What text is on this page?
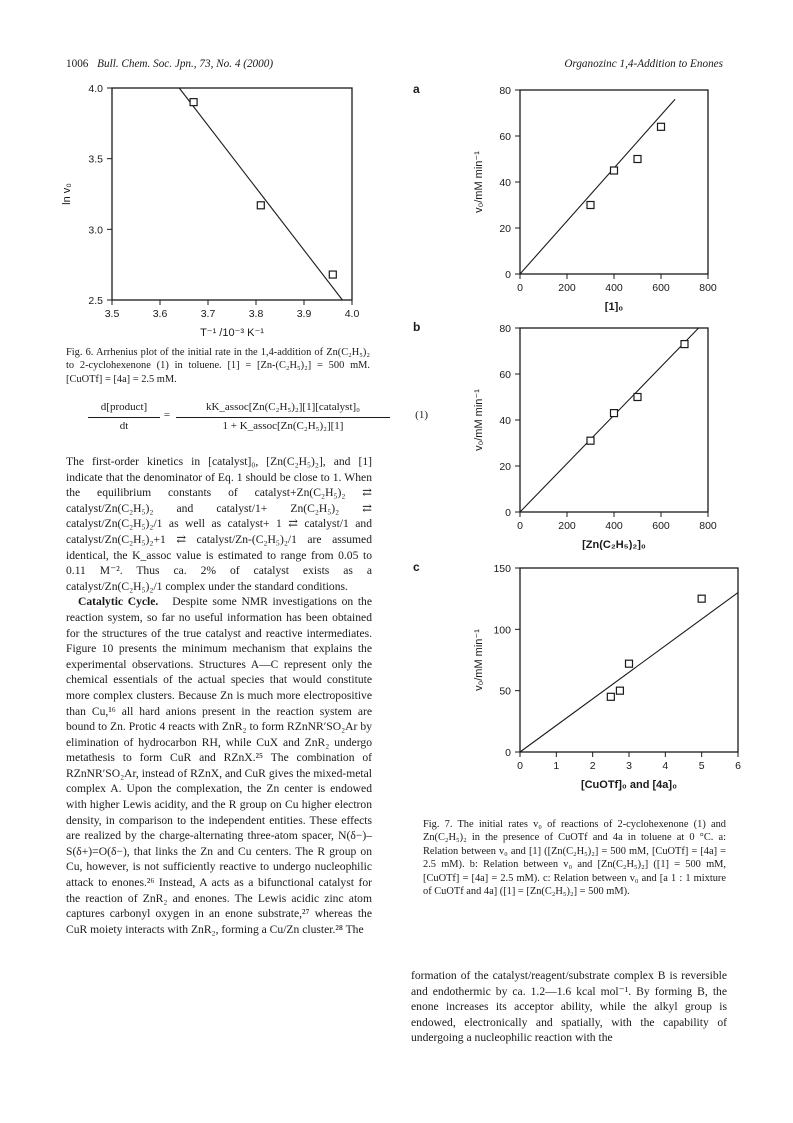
1006 Bull. Chem. Soc. Jpn., 73, No. 4 (2000)	Organozinc 1,4-Addition to Enones
3.5	3.6	3.7	3.8	3.9	4.0
2.5
3.0
3.5
4.0
T⁻¹ /10⁻³ K⁻¹
ln v₀
Fig. 6. Arrhenius plot of the initial rate in the 1,4-addition of Zn(C₂H₅)₂ to 2-cyclohexenone (1) in toluene. [1] = [Zn-(C₂H₅)₂] = 500 mM. [CuOTf] = [4a] = 2.5 mM.
d[product]
dt
=
kK_assoc[Zn(C₂H₅)₂][1][catalyst]₀
1 + K_assoc[Zn(C₂H₅)₂][1]
(1)

The first-order kinetics in [catalyst]₀, [Zn(C₂H₅)₂], and [1] indicate that the denominator of Eq. 1 should be close to 1. When the equilibrium constants of catalyst+Zn(C₂H₅)₂ ⇄ catalyst/Zn(C₂H₅)₂ and catalyst/1+ Zn(C₂H₅)₂ ⇄ catalyst/Zn(C₂H₅)₂/1 as well as catalyst+ 1 ⇄ catalyst/1 and catalyst/Zn(C₂H₅)₂+1 ⇄ catalyst/Zn-(C₂H₅)₂/1 are assumed identical, the K_assoc value is estimated to range from 0.05 to 0.11 M⁻². Thus ca. 2% of catalyst exists as a catalyst/Zn(C₂H₅)₂/1 complex under the standard conditions.

Catalytic Cycle. Despite some NMR investigations on the reaction system, so far no useful information has been obtained for the structures of the true catalyst and reactive intermediates. Figure 10 presents the minimum mechanism that explains the experimental observations. Structures A—C represent only the chemical essentials of the actual species that would constitute more complex clusters. Because Zn is much more electropositive than Cu,¹⁶ all hard anions present in the reaction system are bound to Zn. Protic 4 reacts with ZnR₂ to form RZnNR′SO₂Ar by elimination of hydrocarbon RH, while CuX and ZnR₂ undergo metathesis to form CuR and RZnX.²⁵ The combination of RZnNR′SO₂Ar, instead of RZnX, and CuR gives the mixed-metal complex A. Upon the complexation, the Zn center is endowed with higher Lewis acidity, and the R group on Cu higher electron density, in comparison to the independent entities. These effects are realized by the charge-alternating three-atom spacer, N(δ−)–S(δ+)=O(δ−), that links the Zn and Cu centers. The R group on Cu, however, is not sufficiently reactive to undergo nucleophilic attack to enones.²⁶ Instead, A acts as a bifunctional catalyst for the reaction of ZnR₂ and enones. The Lewis acidic zinc atom captures carbonyl oxygen in an enone substrate,²⁷ whereas the CuR moiety interacts with ZnR₂, forming a Cu/Zn cluster.²⁸ The

a
0	200	400	600	800
0
20
40
60
80
[1]₀
v₀/mM min⁻¹
b
0	200	400	600	800
0
20
40
60
80
[Zn(C₂H₅)₂]₀
v₀/mM min⁻¹
c
0	1	2	3	4	5	6
0
50
100
150
[CuOTf]₀ and [4a]₀
v₀/mM min⁻¹
Fig. 7. The initial rates v₀ of reactions of 2-cyclohexenone (1) and Zn(C₂H₅)₂ in the presence of CuOTf and 4a in toluene at 0 °C. a: Relation between v₀ and [1] ([Zn(C₂H₅)₂] = 500 mM, [CuOTf] = [4a] = 2.5 mM). b: Relation between v₀ and [Zn(C₂H₅)₂] ([1] = 500 mM, [CuOTf] = [4a] = 2.5 mM). c: Relation between v₀ and [a 1 : 1 mixture of CuOTf and 4a] ([1] = [Zn(C₂H₅)₂] = 500 mM).

formation of the catalyst/reagent/substrate complex B is reversible and endothermic by ca. 1.2—1.6 kcal mol⁻¹. By forming B, the enone increases its acceptor ability, while the alkyl group is endowed, electronically and spatially, with the capability of undergoing a nucleophilic reaction with the
